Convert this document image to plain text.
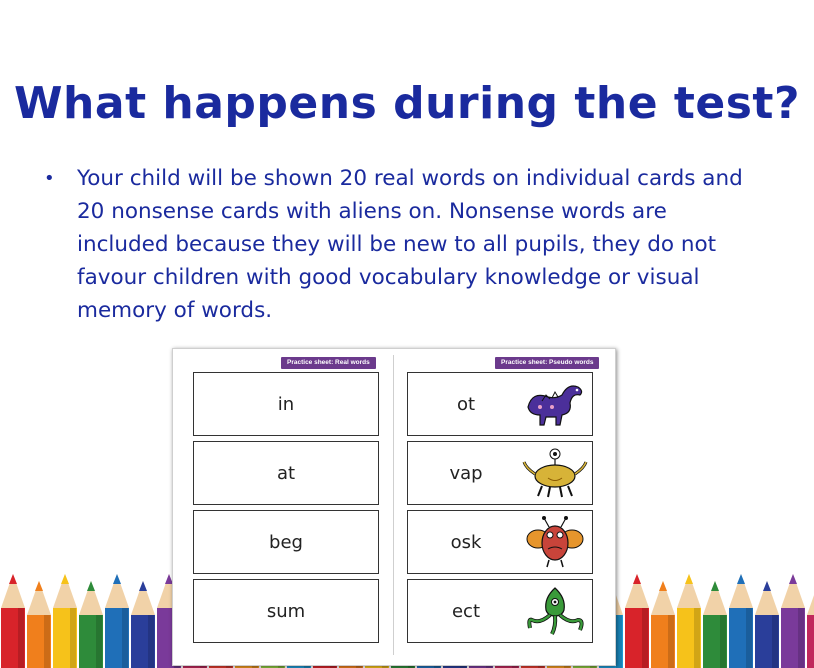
What happens during the test?
• Your child will be shown 20 real words on individual cards and 20 nonsense cards with aliens on. Nonsense words are included because they will be new to all pupils, they do not favour children with good vocabulary knowledge or visual memory of words.
Practice sheet: Real words	Practice sheet: Pseudo words
in
at
beg
sum
ot
vap
osk
ect
